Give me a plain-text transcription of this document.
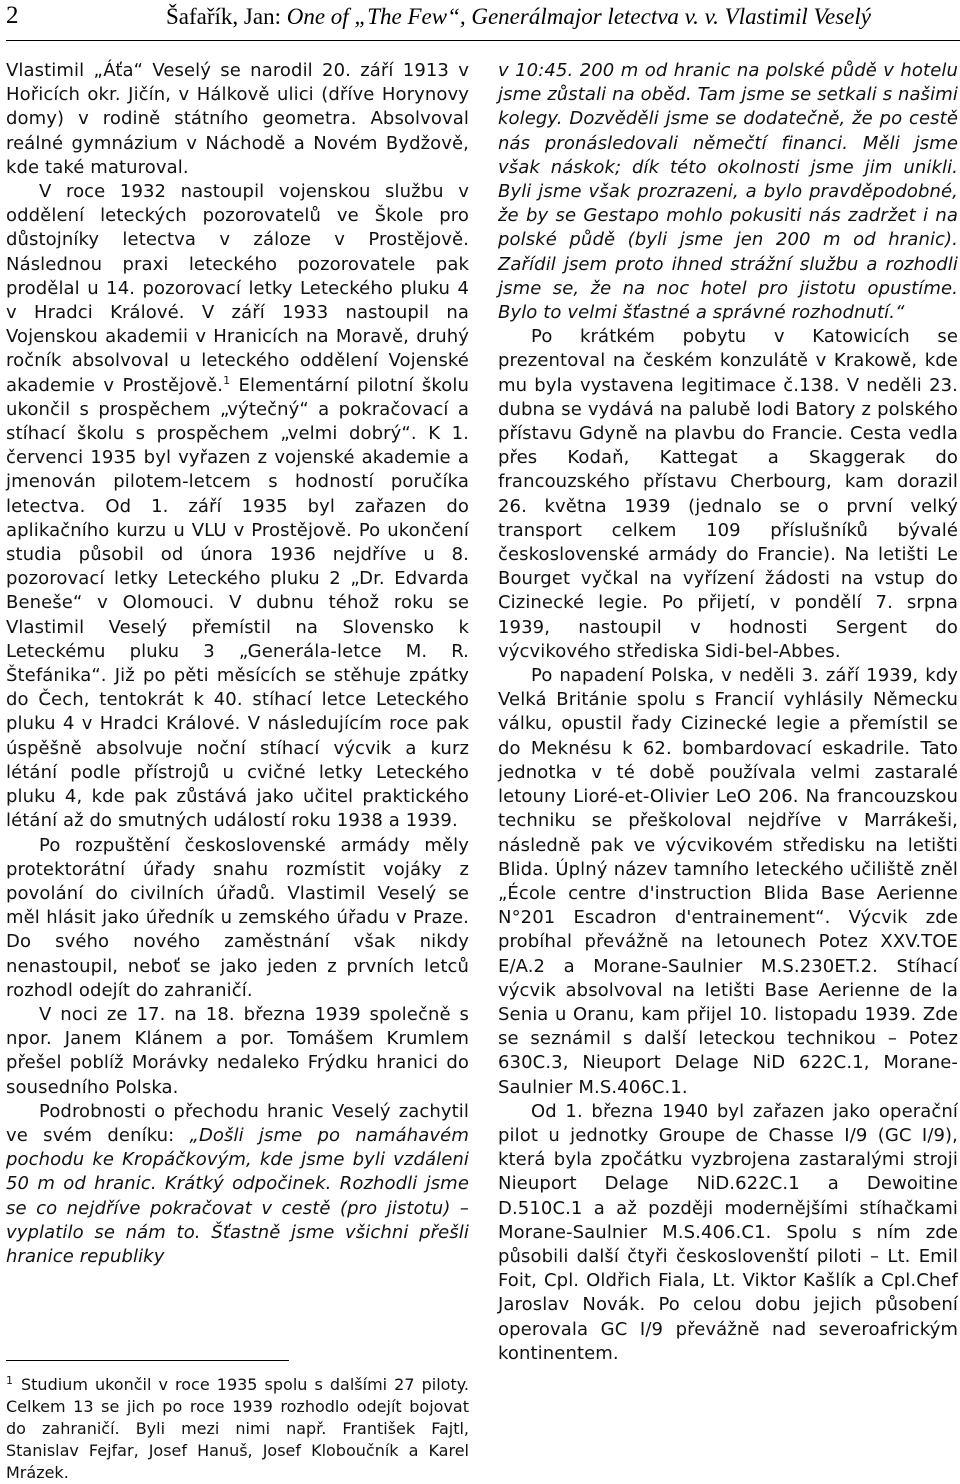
2	Šafařík, Jan: One of „The Few“, Generálmajor letectva v. v. Vlastimil Veselý

Vlastimil „Áťa“ Veselý se narodil 20. září 1913 v Hořicích okr. Jičín, v Hálkově ulici (dříve Horynovy domy) v rodině státního geometra. Absolvoval reálné gymnázium v Náchodě a Novém Bydžově, kde také maturoval.

V roce 1932 nastoupil vojenskou službu v oddělení leteckých pozorovatelů ve Škole pro důstojníky letectva v záloze v Prostějově. Následnou praxi leteckého pozorovatele pak prodělal u 14. pozorovací letky Leteckého pluku 4 v Hradci Králové. V září 1933 nastoupil na Vojenskou akademii v Hranicích na Moravě, druhý ročník absolvoval u leteckého oddělení Vojenské akademie v Prostějově.$^1$ Elementární pilotní školu ukončil s prospěchem „výtečný“ a pokračovací a stíhací školu s prospěchem „velmi dobrý“. K 1. červenci 1935 byl vyřazen z vojenské akademie a jmenován pilotem-letcem s hodností poručíka letectva. Od 1. září 1935 byl zařazen do aplikačního kurzu u VLU v Prostějově. Po ukončení studia působil od února 1936 nejdříve u 8. pozorovací letky Leteckého pluku 2 „Dr. Edvarda Beneše“ v Olomouci. V dubnu téhož roku se Vlastimil Veselý přemístil na Slovensko k Leteckému pluku 3 „Generála-letce M. R. Štefánika“. Již po pěti měsících se stěhuje zpátky do Čech, tentokrát k 40. stíhací letce Leteckého pluku 4 v Hradci Králové. V následujícím roce pak úspěšně absolvuje noční stíhací výcvik a kurz létání podle přístrojů u cvičné letky Leteckého pluku 4, kde pak zůstává jako učitel praktického létání až do smutných událostí roku 1938 a 1939.

Po rozpuštění československé armády měly protektorátní úřady snahu rozmístit vojáky z povolání do civilních úřadů. Vlastimil Veselý se měl hlásit jako úředník u zemského úřadu v Praze. Do svého nového zaměstnání však nikdy nenastoupil, neboť se jako jeden z prvních letců rozhodl odejít do zahraničí.

V noci ze 17. na 18. března 1939 společně s npor. Janem Klánem a por. Tomášem Krumlem přešel poblíž Morávky nedaleko Frýdku hranici do sousedního Polska.

Podrobnosti o přechodu hranic Veselý zachytil ve svém deníku: „Došli jsme po namáhavém pochodu ke Kropáčkovým, kde jsme byli vzdáleni 50 m od hranic. Krátký odpočinek. Rozhodli jsme se co nejdříve pokračovat v cestě (pro jistotu) – vyplatilo se nám to. Šťastně jsme všichni přešli hranice republiky

v 10:45. 200 m od hranic na polské půdě v hotelu jsme zůstali na oběd. Tam jsme se setkali s našimi kolegy. Dozvěděli jsme se dodatečně, že po cestě nás pronásledovali němečtí financi. Měli jsme však náskok; dík této okolnosti jsme jim unikli. Byli jsme však prozrazeni, a bylo pravděpodobné, že by se Gestapo mohlo pokusiti nás zadržet i na polské půdě (byli jsme jen 200 m od hranic). Zařídil jsem proto ihned strážní službu a rozhodli jsme se, že na noc hotel pro jistotu opustíme. Bylo to velmi šťastné a správné rozhodnutí.“

Po krátkém pobytu v Katowicích se prezentoval na českém konzulátě v Krakowě, kde mu byla vystavena legitimace č.138. V neděli 23. dubna se vydává na palubě lodi Batory z polského přístavu Gdyně na plavbu do Francie. Cesta vedla přes Kodaň, Kattegat a Skaggerak do francouzského přístavu Cherbourg, kam dorazil 26. května 1939 (jednalo se o první velký transport celkem 109 příslušníků bývalé československé armády do Francie). Na letišti Le Bourget vyčkal na vyřízení žádosti na vstup do Cizinecké legie. Po přijetí, v pondělí 7. srpna 1939, nastoupil v hodnosti Sergent do výcvikového střediska Sidi-bel-Abbes.

Po napadení Polska, v neděli 3. září 1939, kdy Velká Británie spolu s Francií vyhlásily Německu válku, opustil řady Cizinecké legie a přemístil se do Meknésu k 62. bombardovací eskadrile. Tato jednotka v té době používala velmi zastaralé letouny Lioré-et-Olivier LeO 206. Na francouzskou techniku se přeškoloval nejdříve v Marrákeši, následně pak ve výcvikovém středisku na letišti Blida. Úplný název tamního leteckého učiliště zněl „École centre d'instruction Blida Base Aerienne N°201 Escadron d'entrainement“. Výcvik zde probíhal převážně na letounech Potez XXV.TOE E/A.2 a Morane-Saulnier M.S.230ET.2. Stíhací výcvik absolvoval na letišti Base Aerienne de la Senia u Oranu, kam přijel 10. listopadu 1939. Zde se seznámil s další leteckou technikou – Potez 630C.3, Nieuport Delage NiD 622C.1, Morane-Saulnier M.S.406C.1.

Od 1. března 1940 byl zařazen jako operační pilot u jednotky Groupe de Chasse I/9 (GC I/9), která byla zpočátku vyzbrojena zastaralými stroji Nieuport Delage NiD.622C.1 a Dewoitine D.510C.1 a až později modernějšími stíhačkami Morane-Saulnier M.S.406.C1. Spolu s ním zde působili další čtyři českoslovenští piloti – Lt. Emil Foit, Cpl. Oldřich Fiala, Lt. Viktor Kašlík a Cpl.Chef Jaroslav Novák. Po celou dobu jejich působení operovala GC I/9 převážně nad severoafrickým kontinentem.

$^1$ Studium ukončil v roce 1935 spolu s dalšími 27 piloty. Celkem 13 se jich po roce 1939 rozhodlo odejít bojovat do zahraničí. Byli mezi nimi např. František Fajtl, Stanislav Fejfar, Josef Hanuš, Josef Kloboučník a Karel Mrázek.
